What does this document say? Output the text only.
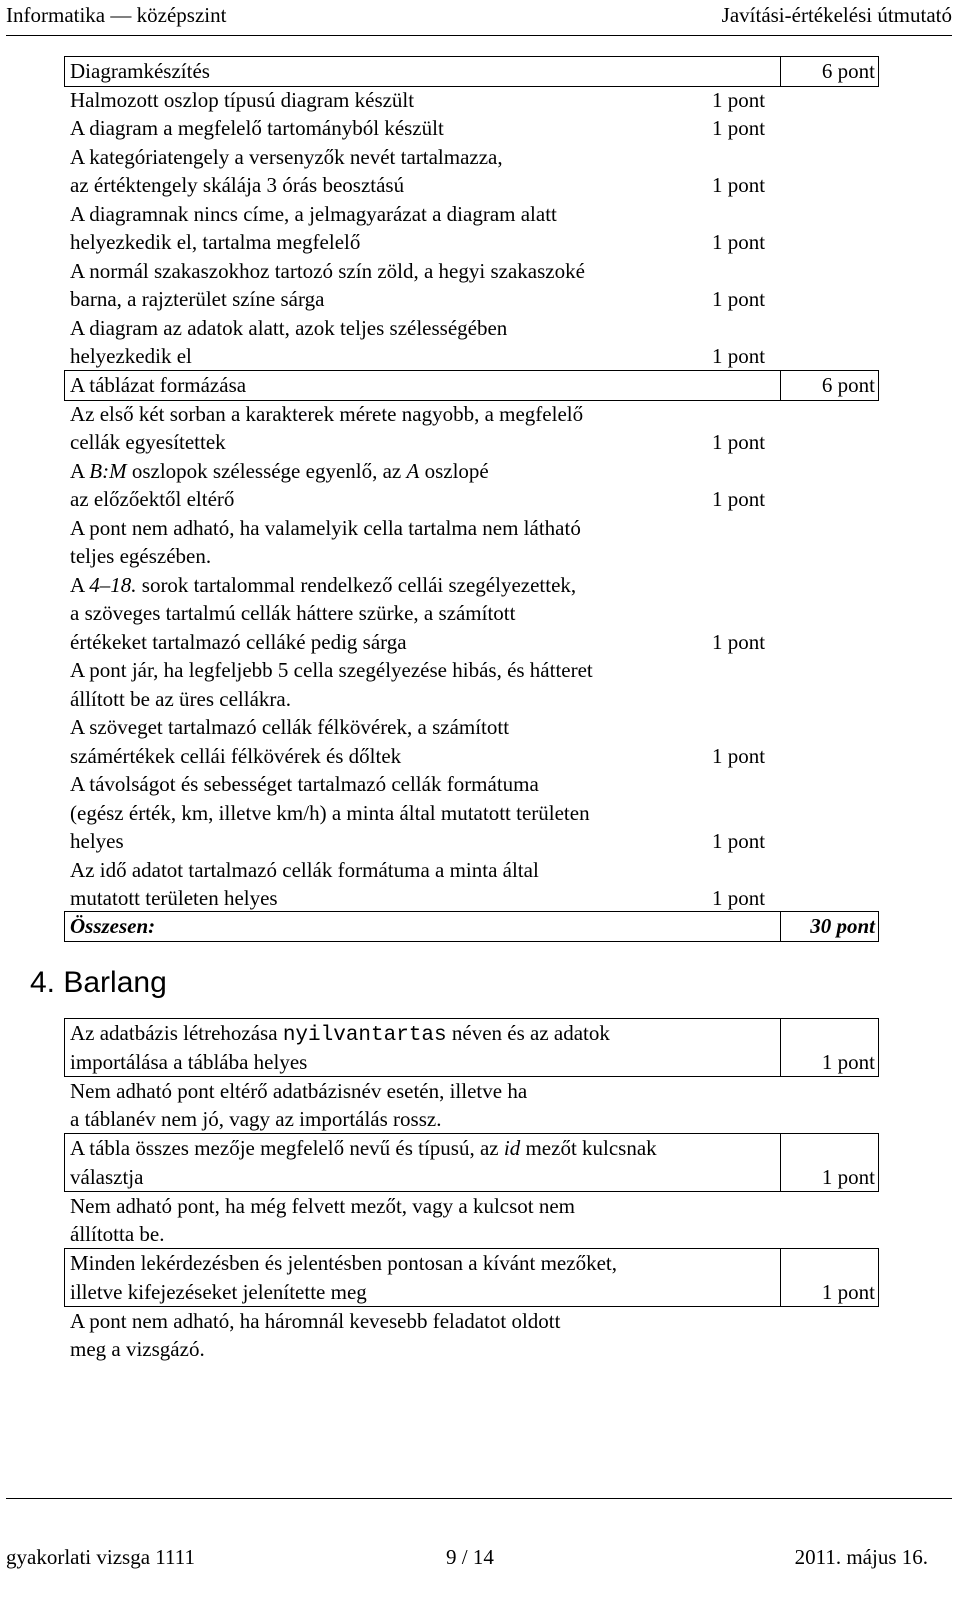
Informatika — középszint	Javítási-értékelési útmutató
Diagramkészítés	6 pont
Halmozott oszlop típusú diagram készült	1 pont
A diagram a megfelelő tartományból készült	1 pont
A kategóriatengely a versenyzők nevét tartalmazza,
az értéktengely skálája 3 órás beosztású	1 pont
A diagramnak nincs címe, a jelmagyarázat a diagram alatt
helyezkedik el, tartalma megfelelő	1 pont
A normál szakaszokhoz tartozó szín zöld, a hegyi szakaszoké
barna, a rajzterület színe sárga	1 pont
A diagram az adatok alatt, azok teljes szélességében
helyezkedik el	1 pont
A táblázat formázása	6 pont
Az első két sorban a karakterek mérete nagyobb, a megfelelő
cellák egyesítettek	1 pont
A B:M oszlopok szélessége egyenlő, az A oszlopé
az előzőektől eltérő	1 pont
A pont nem adható, ha valamelyik cella tartalma nem látható
teljes egészében.
A 4–18. sorok tartalommal rendelkező cellái szegélyezettek,
a szöveges tartalmú cellák háttere szürke, a számított
értékeket tartalmazó celláké pedig sárga	1 pont
A pont jár, ha legfeljebb 5 cella szegélyezése hibás, és hátteret
állított be az üres cellákra.
A szöveget tartalmazó cellák félkövérek, a számított
számértékek cellái félkövérek és dőltek	1 pont
A távolságot és sebességet tartalmazó cellák formátuma
(egész érték, km, illetve km/h) a minta által mutatott területen
helyes	1 pont
Az idő adatot tartalmazó cellák formátuma a minta által
mutatott területen helyes	1 pont
Összesen:	30 pont
4. Barlang
Az adatbázis létrehozása nyilvantartas néven és az adatok
importálása a táblába helyes	1 pont
Nem adható pont eltérő adatbázisnév esetén, illetve ha
a táblanév nem jó, vagy az importálás rossz.
A tábla összes mezője megfelelő nevű és típusú, az id mezőt kulcsnak
választja	1 pont
Nem adható pont, ha még felvett mezőt, vagy a kulcsot nem
állította be.
Minden lekérdezésben és jelentésben pontosan a kívánt mezőket,
illetve kifejezéseket jelenítette meg	1 pont
A pont nem adható, ha háromnál kevesebb feladatot oldott
meg a vizsgázó.
gyakorlati vizsga 1111	9 / 14	2011. május 16.
